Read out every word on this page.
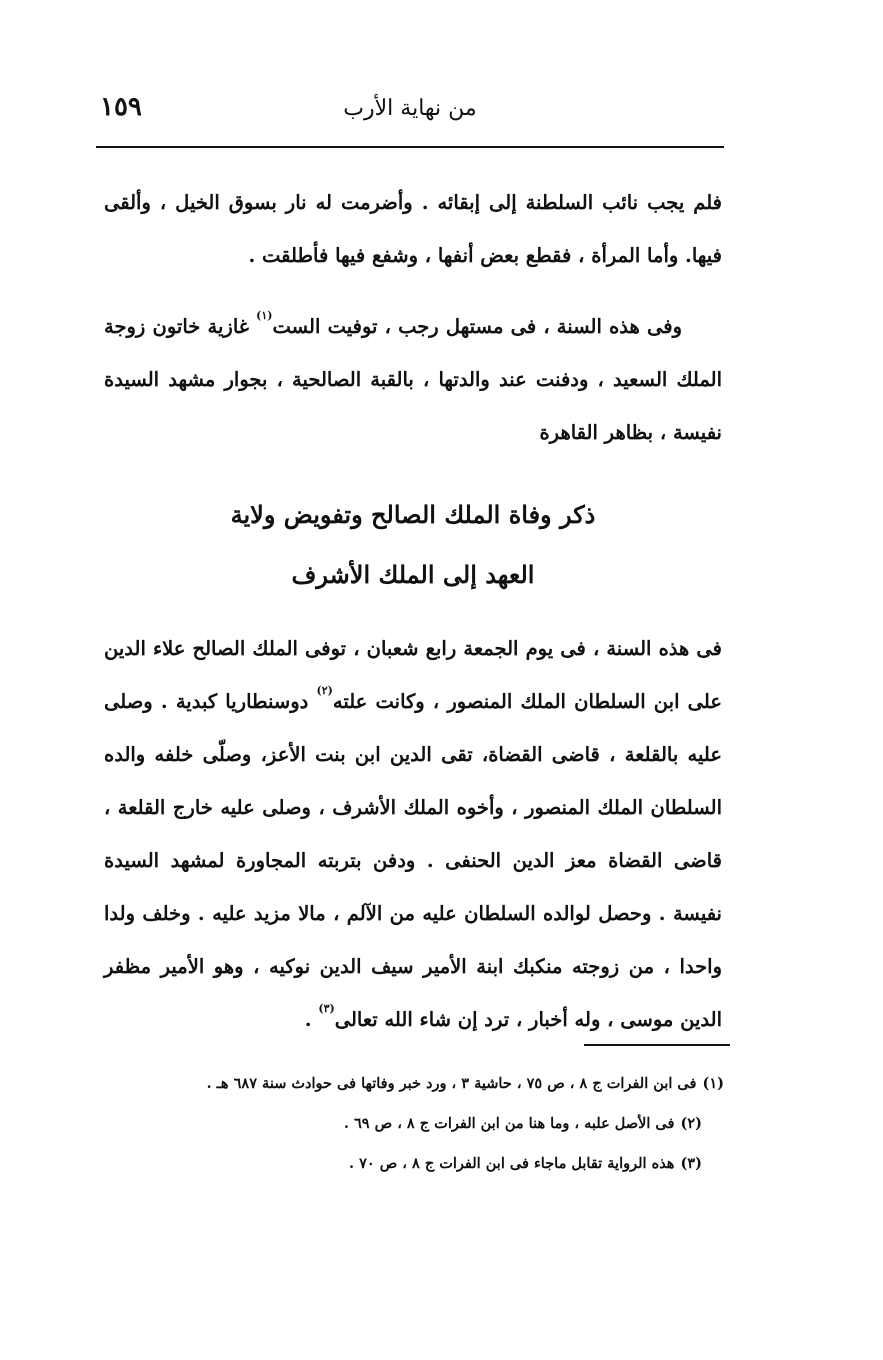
من نهاية الأرب
١٥٩
فلم يجب نائب السلطنة إلى إبقائه . وأضرمت له نار بسوق الخيل ، وألقى فيها. وأما المرأة ، فقطع بعض أنفها ، وشفع فيها فأطلقت .
وفى هذه السنة ، فى مستهل رجب ، توفيت الست$^{(١)}$ غازية خاتون زوجة الملك السعيد ، ودفنت عند والدتها ، بالقبة الصالحية ، بجوار مشهد السيدة نفيسة ، بظاهر القاهرة
ذكر وفاة الملك الصالح وتفويض ولاية
العهد إلى الملك الأشرف
فى هذه السنة ، فى يوم الجمعة رابع شعبان ، توفى الملك الصالح علاء الدين على ابن السلطان الملك المنصور ، وكانت علته$^{(٢)}$ دوسنطاريا كبدية . وصلى عليه بالقلعة ، قاضى القضاة، تقى الدين ابن بنت الأعز، وصلّى خلفه والده السلطان الملك المنصور ، وأخوه الملك الأشرف ، وصلى عليه خارج القلعة ، قاضى القضاة معز الدين الحنفى . ودفن بتربته المجاورة لمشهد السيدة نفيسة . وحصل لوالده السلطان عليه من الآلم ، مالا مزيد عليه . وخلف ولدا واحدا ، من زوجته منكبك ابنة الأمير سيف الدين نوكيه ، وهو الأمير مظفر الدين موسى ، وله أخبار ، ترد إن شاء الله تعالى$^{(٣)}$ .
(١)فى ابن الفرات ج ٨ ، ص ٧٥ ، حاشية ٣ ، ورد خبر وفاتها فى حوادث سنة ٦٨٧ هـ .
(٢)فى الأصل علبه ، وما هنا من ابن الفرات ج ٨ ، ص ٦٩ .
(٣)هذه الرواية تقابل ماجاء فى ابن الفرات ج ٨ ، ص ٧٠ .
